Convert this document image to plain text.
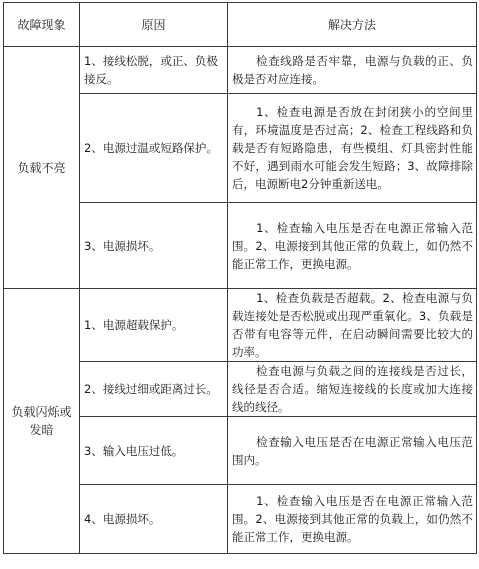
故障现象	原因	解决方法

负载不亮	1、接线松脱，或正、负极接反。	检查线路是否牢靠，电源与负载的正、负极是否对应连接。

	2、电源过温或短路保护。	1、检查电源是否放在封闭狭小的空间里有，环境温度是否过高；2、检查工程线路和负载是否有短路隐患，有些模组、灯具密封性能不好，遇到雨水可能会发生短路；3、故障排除后，电源断电2分钟重新送电。

	3、电源损坏。	1、检查输入电压是否在电源正常输入范围。2、电源接到其他正常的负载上，如仍然不能正常工作，更换电源。

负载闪烁或发暗	1、电源超载保护。	1、检查负载是否超载。2、检查电源与负载连接处是否松脱或出现严重氧化。3、负载是否带有电容等元件，在启动瞬间需要比较大的功率。

	2、接线过细或距离过长。	检查电源与负载之间的连接线是否过长，线径是否合适。缩短连接线的长度或加大连接线的线径。

	3、输入电压过低。	检查输入电压是否在电源正常输入电压范围内。

	4、电源损坏。	1、检查输入电压是否在电源正常输入范围。2、电源接到其他正常的负载上，如仍然不能正常工作，更换电源。
